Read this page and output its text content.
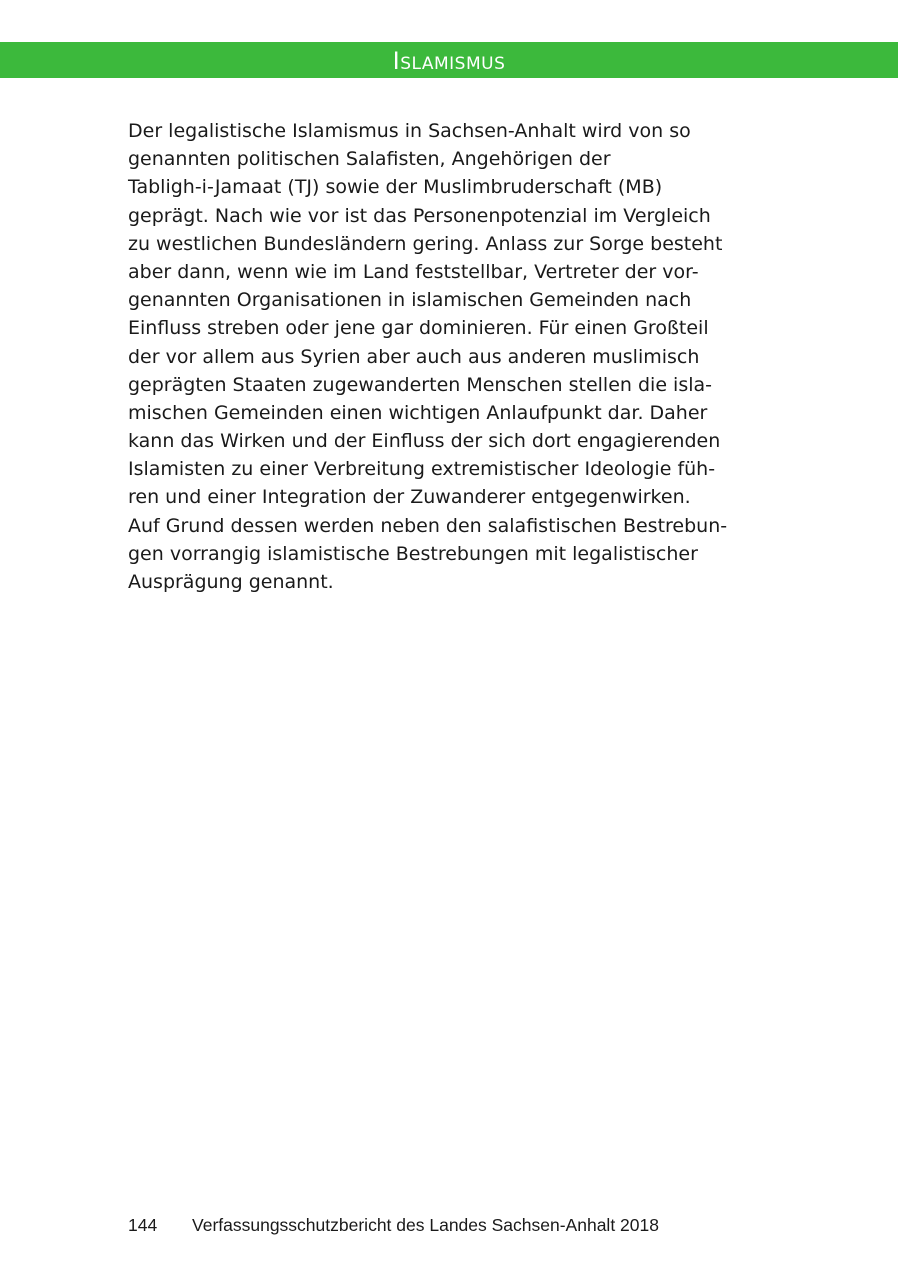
Islamismus
Der legalistische Islamismus in Sachsen-Anhalt wird von so
genannten politischen Salafisten, Angehörigen der
Tabligh-i-Jamaat (TJ) sowie der Muslimbruderschaft (MB)
geprägt. Nach wie vor ist das Personenpotenzial im Vergleich
zu westlichen Bundesländern gering. Anlass zur Sorge besteht
aber dann, wenn wie im Land feststellbar, Vertreter der vor-
genannten Organisationen in islamischen Gemeinden nach
Einfluss streben oder jene gar dominieren. Für einen Großteil
der vor allem aus Syrien aber auch aus anderen muslimisch
geprägten Staaten zugewanderten Menschen stellen die isla-
mischen Gemeinden einen wichtigen Anlaufpunkt dar. Daher
kann das Wirken und der Einfluss der sich dort engagierenden
Islamisten zu einer Verbreitung extremistischer Ideologie füh-
ren und einer Integration der Zuwanderer entgegenwirken.
Auf Grund dessen werden neben den salafistischen Bestrebun-
gen vorrangig islamistische Bestrebungen mit legalistischer
Ausprägung genannt.
144 Verfassungsschutzbericht des Landes Sachsen-Anhalt 2018
